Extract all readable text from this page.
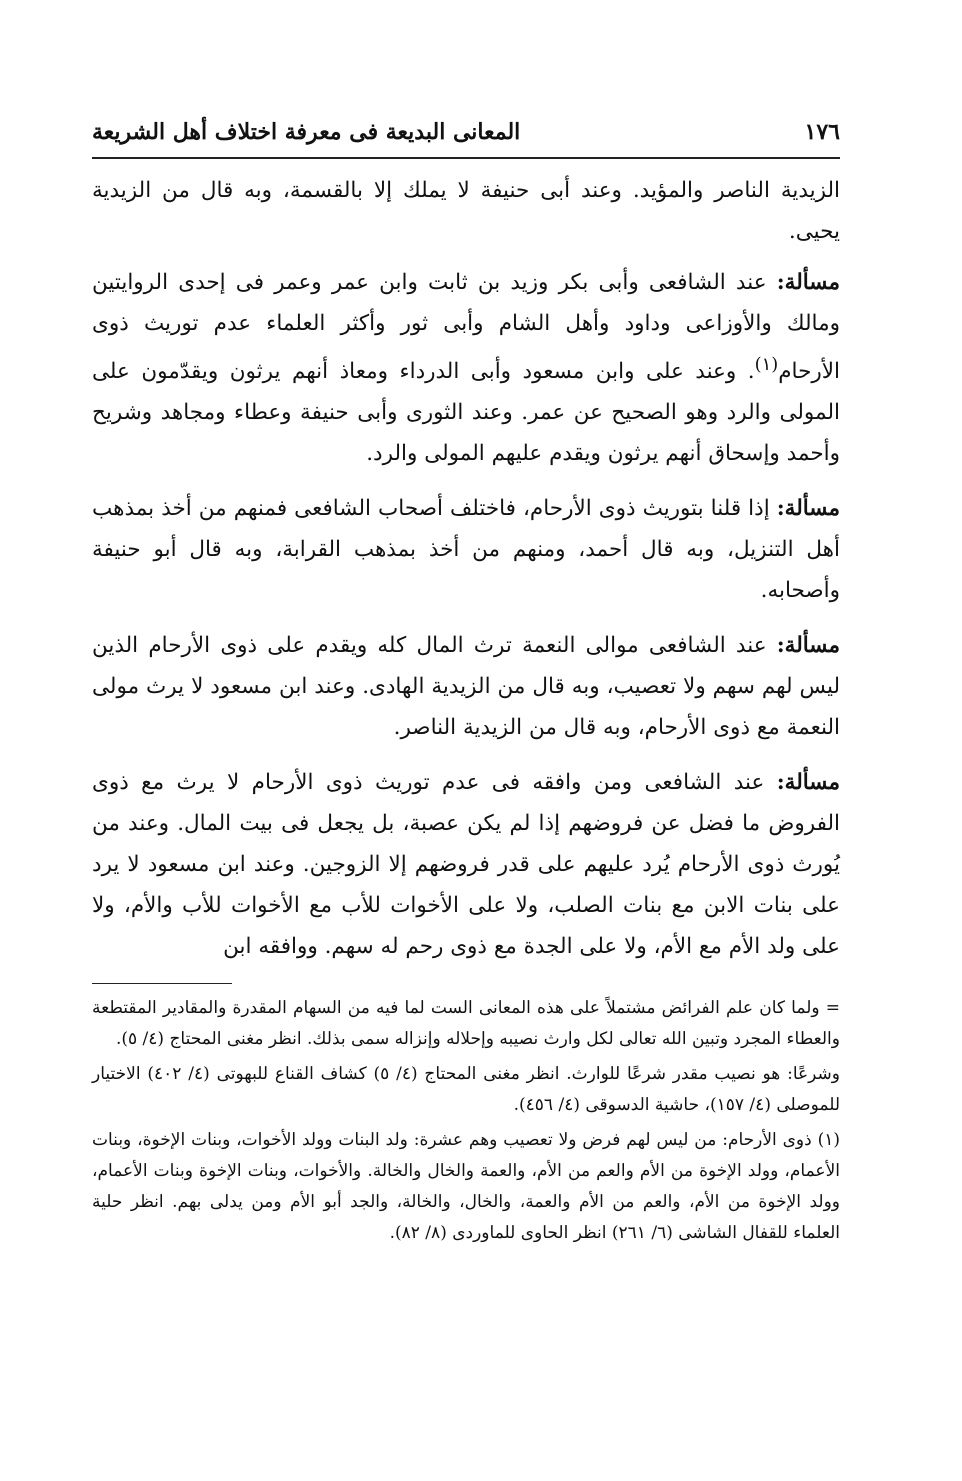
١٧٦
المعانى البديعة فى معرفة اختلاف أهل الشريعة

الزيدية الناصر والمؤيد. وعند أبى حنيفة لا يملك إلا بالقسمة، وبه قال من الزيدية يحيى.

مسألة: عند الشافعى وأبى بكر وزيد بن ثابت وابن عمر وعمر فى إحدى الروايتين ومالك والأوزاعى وداود وأهل الشام وأبى ثور وأكثر العلماء عدم توريث ذوى الأرحام$^{(١)}$. وعند على وابن مسعود وأبى الدرداء ومعاذ أنهم يرثون ويقدّمون على المولى والرد وهو الصحيح عن عمر. وعند الثورى وأبى حنيفة وعطاء ومجاهد وشريح وأحمد وإسحاق أنهم يرثون ويقدم عليهم المولى والرد.

مسألة: إذا قلنا بتوريث ذوى الأرحام، فاختلف أصحاب الشافعى فمنهم من أخذ بمذهب أهل التنزيل، وبه قال أحمد، ومنهم من أخذ بمذهب القرابة، وبه قال أبو حنيفة وأصحابه.

مسألة: عند الشافعى موالى النعمة ترث المال كله ويقدم على ذوى الأرحام الذين ليس لهم سهم ولا تعصيب، وبه قال من الزيدية الهادى. وعند ابن مسعود لا يرث مولى النعمة مع ذوى الأرحام، وبه قال من الزيدية الناصر.

مسألة: عند الشافعى ومن وافقه فى عدم توريث ذوى الأرحام لا يرث مع ذوى الفروض ما فضل عن فروضهم إذا لم يكن عصبة، بل يجعل فى بيت المال. وعند من يُورث ذوى الأرحام يُرد عليهم على قدر فروضهم إلا الزوجين. وعند ابن مسعود لا يرد على بنات الابن مع بنات الصلب، ولا على الأخوات للأب مع الأخوات للأب والأم، ولا على ولد الأم مع الأم، ولا على الجدة مع ذوى رحم له سهم. ووافقه ابن

= ولما كان علم الفرائض مشتملاً على هذه المعانى الست لما فيه من السهام المقدرة والمقادير المقتطعة والعطاء المجرد وتبين الله تعالى لكل وارث نصيبه وإحلاله وإنزاله سمى بذلك. انظر مغنى المحتاج (٤/ ٥).

وشرعًا: هو نصيب مقدر شرعًا للوارث. انظر مغنى المحتاج (٤/ ٥) كشاف القناع للبهوتى (٤/ ٤٠٢) الاختيار للموصلى (٤/ ١٥٧)، حاشية الدسوقى (٤/ ٤٥٦).

(١) ذوى الأرحام: من ليس لهم فرض ولا تعصيب وهم عشرة: ولد البنات وولد الأخوات، وبنات الإخوة، وبنات الأعمام، وولد الإخوة من الأم والعم من الأم، والعمة والخال والخالة. والأخوات، وبنات الإخوة وبنات الأعمام، وولد الإخوة من الأم، والعم من الأم والعمة، والخال، والخالة، والجد أبو الأم ومن يدلى بهم. انظر حلية العلماء للقفال الشاشى (٦/ ٢٦١) انظر الحاوى للماوردى (٨/ ٨٢).
